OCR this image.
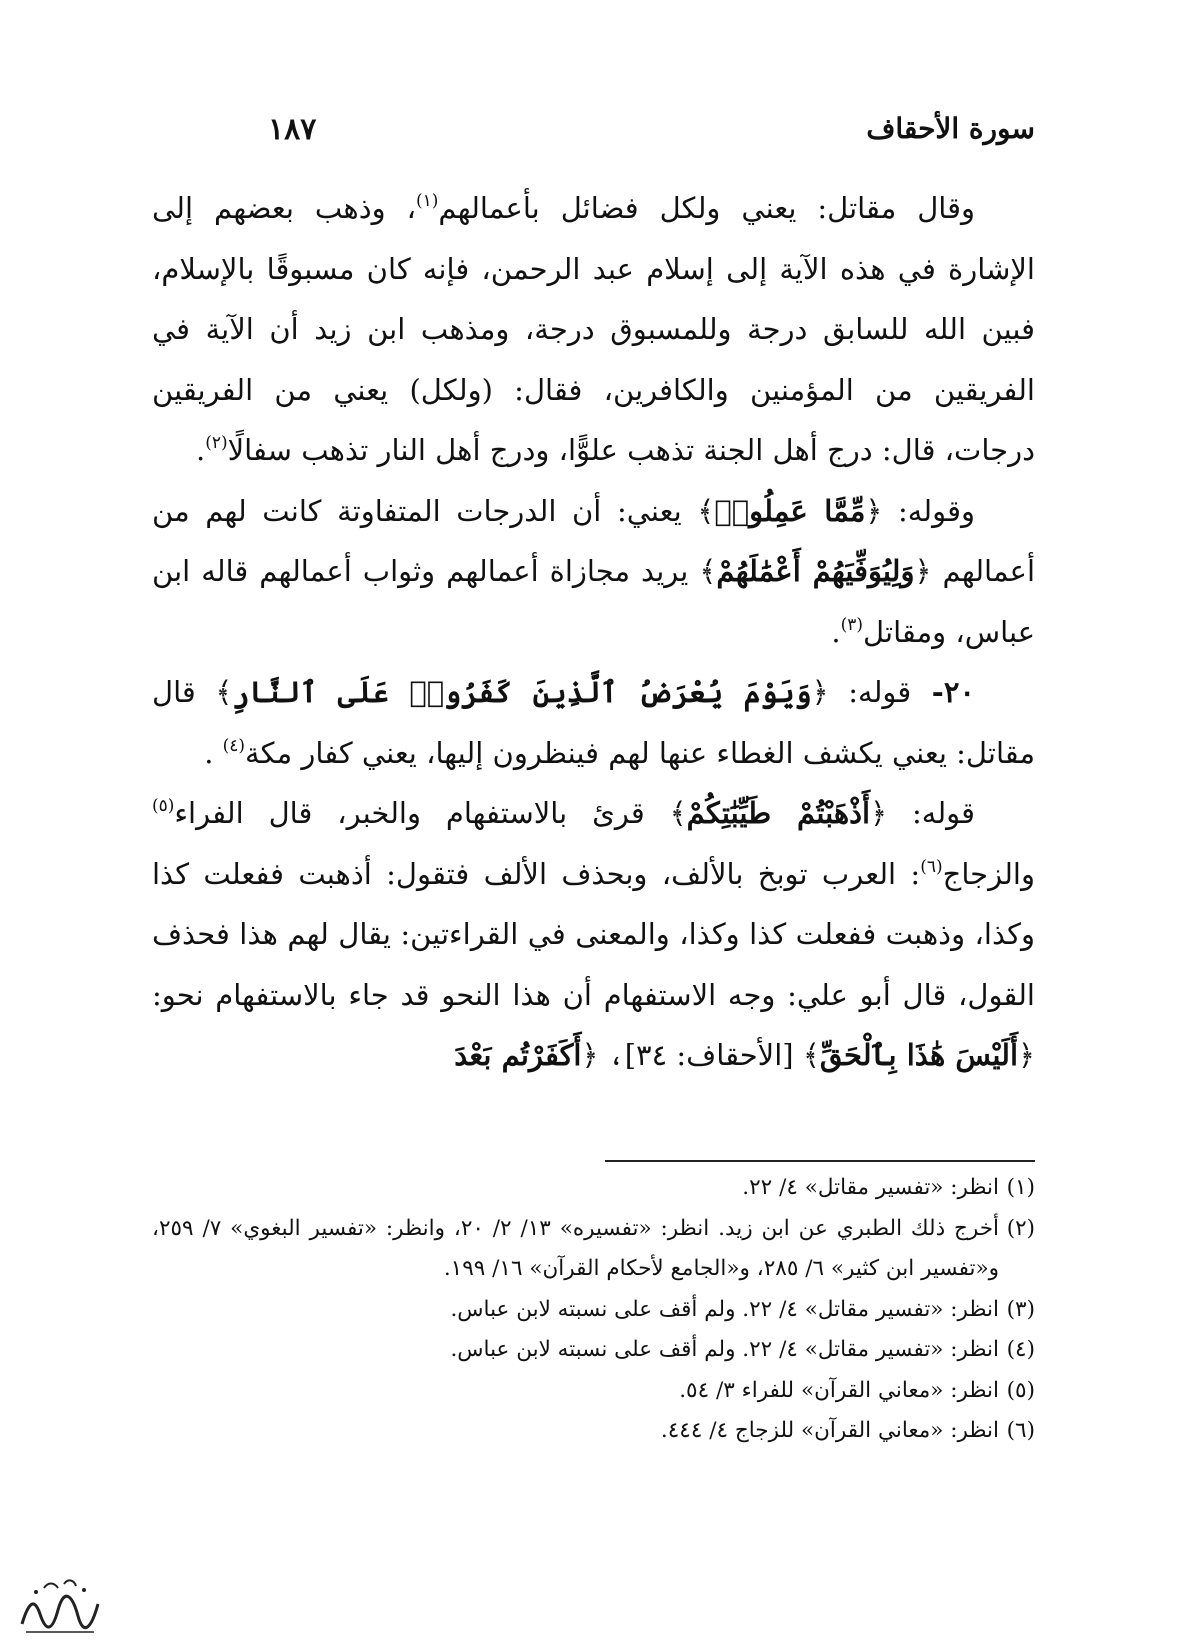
سورة الأحقاف
١٨٧

وقال مقاتل: يعني ولكل فضائل بأعمالهم$^{(١)}$، وذهب بعضهم إلى الإشارة في هذه الآية إلى إسلام عبد الرحمن، فإنه كان مسبوقًا بالإسلام، فبين الله للسابق درجة وللمسبوق درجة، ومذهب ابن زيد أن الآية في الفريقين من المؤمنين والكافرين، فقال: (ولكل) يعني من الفريقين درجات، قال: درج أهل الجنة تذهب علوًّا، ودرج أهل النار تذهب سفالًا$^{(٢)}$.

وقوله: ﴿مِّمَّا عَمِلُوا۟﴾ يعني: أن الدرجات المتفاوتة كانت لهم من أعمالهم ﴿وَلِيُوَفِّيَهُمْ أَعْمَٰلَهُمْ﴾ يريد مجازاة أعمالهم وثواب أعمالهم قاله ابن عباس، ومقاتل$^{(٣)}$.

٢٠- قوله: ﴿وَيَوْمَ يُعْرَضُ ٱلَّذِينَ كَفَرُوا۟ عَلَى ٱلنَّارِ﴾ قال مقاتل: يعني يكشف الغطاء عنها لهم فينظرون إليها، يعني كفار مكة$^{(٤)}$ .

قوله: ﴿أَذْهَبْتُمْ طَيِّبَٰتِكُمْ﴾ قرئ بالاستفهام والخبر، قال الفراء$^{(٥)}$ والزجاج$^{(٦)}$: العرب توبخ بالألف، وبحذف الألف فتقول: أذهبت ففعلت كذا وكذا، وذهبت ففعلت كذا وكذا، والمعنى في القراءتين: يقال لهم هذا فحذف القول، قال أبو علي: وجه الاستفهام أن هذا النحو قد جاء بالاستفهام نحو: ﴿أَلَيْسَ هَٰذَا بِٱلْحَقِّ﴾ [الأحقاف: ٣٤]، ﴿أَكَفَرْتُم بَعْدَ

(١)انظر: «تفسير مقاتل» ٤/ ٢٢.

(٢)أخرج ذلك الطبري عن ابن زيد. انظر: «تفسيره» ١٣/ ٢/ ٢٠، وانظر: «تفسير البغوي» ٧/ ٢٥٩، و«تفسير ابن كثير» ٦/ ٢٨٥، و«الجامع لأحكام القرآن» ١٦/ ١٩٩.

(٣)انظر: «تفسير مقاتل» ٤/ ٢٢. ولم أقف على نسبته لابن عباس.

(٤)انظر: «تفسير مقاتل» ٤/ ٢٢. ولم أقف على نسبته لابن عباس.

(٥)انظر: «معاني القرآن» للفراء ٣/ ٥٤.

(٦)انظر: «معاني القرآن» للزجاج ٤/ ٤٤٤.
